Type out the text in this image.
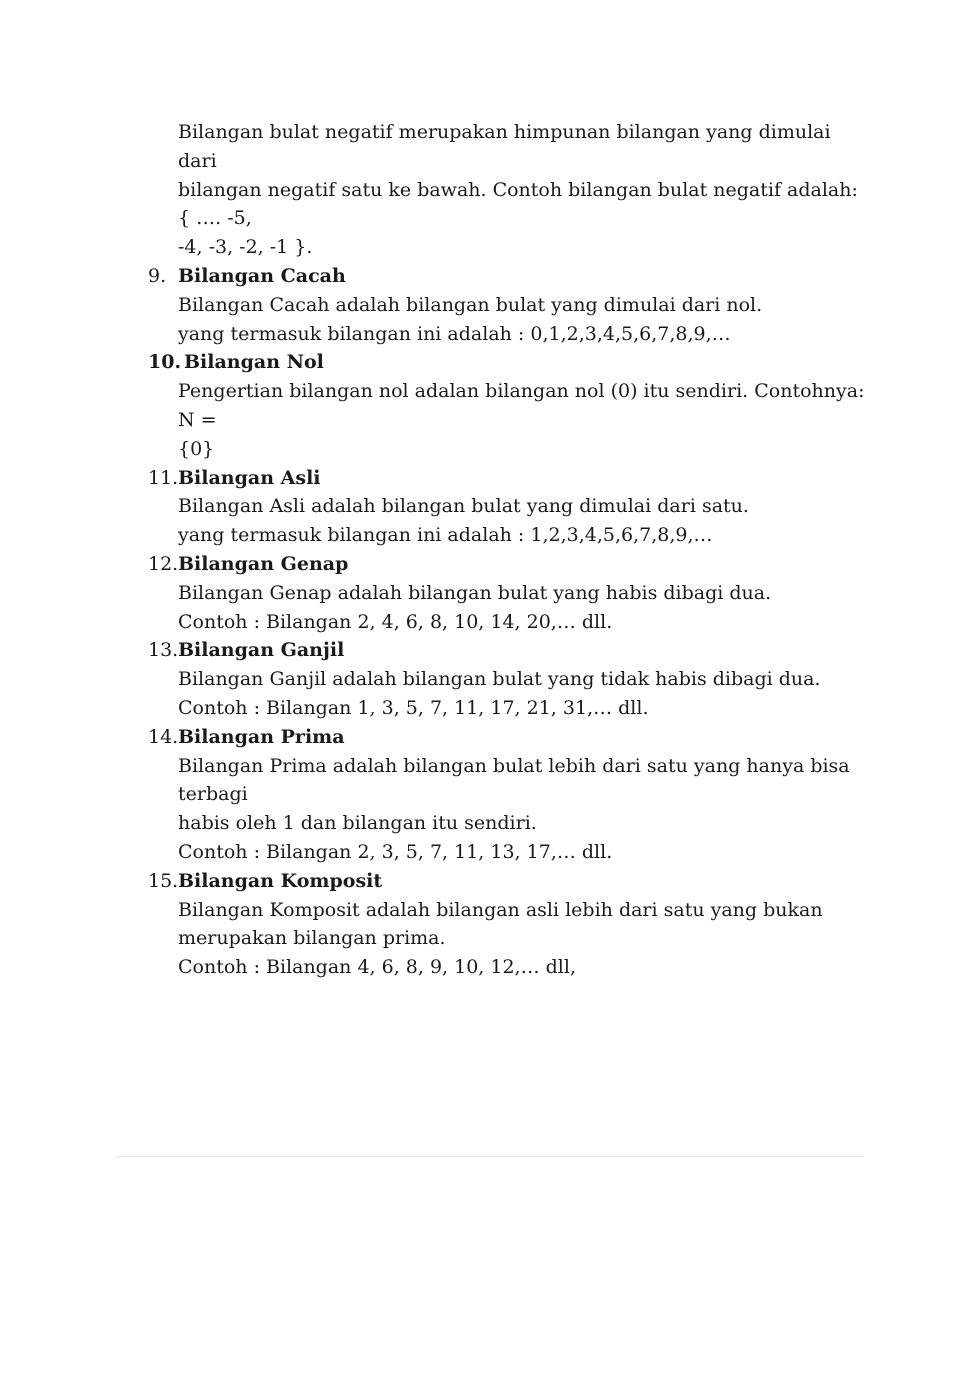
Bilangan bulat negatif merupakan himpunan bilangan yang dimulai dari
bilangan negatif satu ke bawah. Contoh bilangan bulat negatif adalah: { …. -5,
-4, -3, -2, -1 }.
9. Bilangan Cacah
Bilangan Cacah adalah bilangan bulat yang dimulai dari nol.
yang termasuk bilangan ini adalah : 0,1,2,3,4,5,6,7,8,9,…
10. Bilangan Nol
Pengertian bilangan nol adalan bilangan nol (0) itu sendiri. Contohnya: N =
{0}
11. Bilangan Asli
Bilangan Asli adalah bilangan bulat yang dimulai dari satu.
yang termasuk bilangan ini adalah : 1,2,3,4,5,6,7,8,9,…
12. Bilangan Genap
Bilangan Genap adalah bilangan bulat yang habis dibagi dua.
Contoh : Bilangan 2, 4, 6, 8, 10, 14, 20,… dll.
13. Bilangan Ganjil
Bilangan Ganjil adalah bilangan bulat yang tidak habis dibagi dua.
Contoh : Bilangan 1, 3, 5, 7, 11, 17, 21, 31,… dll.
14. Bilangan Prima
Bilangan Prima adalah bilangan bulat lebih dari satu yang hanya bisa terbagi
habis oleh 1 dan bilangan itu sendiri.
Contoh : Bilangan 2, 3, 5, 7, 11, 13, 17,… dll.
15. Bilangan Komposit
Bilangan Komposit adalah bilangan asli lebih dari satu yang bukan
merupakan bilangan prima.
Contoh : Bilangan 4, 6, 8, 9, 10, 12,… dll,
